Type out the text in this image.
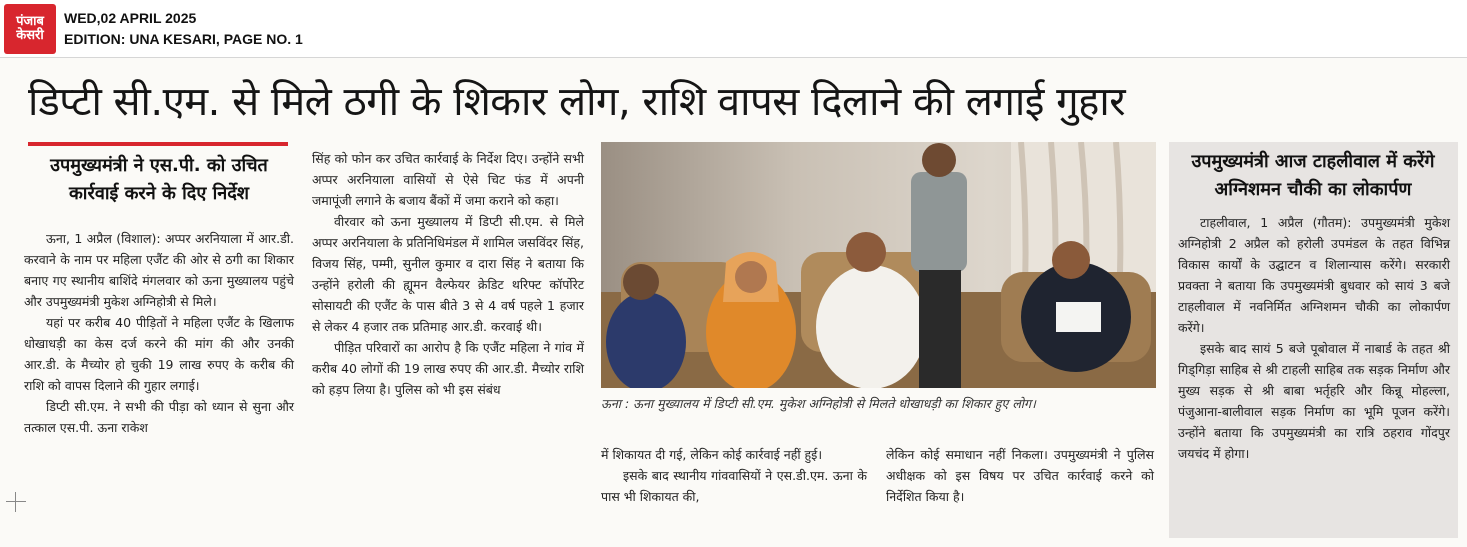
पंजाब
केसरी
WED,02 APRIL 2025
EDITION: UNA KESARI, PAGE NO. 1
डिप्टी सी.एम. से मिले ठगी के शिकार लोग, राशि वापस दिलाने की लगाई गुहार
उपमुख्यमंत्री ने एस.पी. को उचित कार्रवाई करने के दिए निर्देश

ऊना, 1 अप्रैल (विशाल): अप्पर अरनियाला में आर.डी. करवाने के नाम पर महिला एजैंट की ओर से ठगी का शिकार बनाए गए स्थानीय बाशिंदे मंगलवार को ऊना मुख्यालय पहुंचे और उपमुख्यमंत्री मुकेश अग्निहोत्री से मिले।

यहां पर करीब 40 पीड़ितों ने महिला एजैंट के खिलाफ धोखाधड़ी का केस दर्ज करने की मांग की और उनकी आर.डी. के मैच्योर हो चुकी 19 लाख रुपए के करीब की राशि को वापस दिलाने की गुहार लगाई।

डिप्टी सी.एम. ने सभी की पीड़ा को ध्यान से सुना और तत्काल एस.पी. ऊना राकेश

सिंह को फोन कर उचित कार्रवाई के निर्देश दिए। उन्होंने सभी अप्पर अरनियाला वासियों से ऐसे चिट फंड में अपनी जमापूंजी लगाने के बजाय बैंकों में जमा कराने को कहा।

वीरवार को ऊना मुख्यालय में डिप्टी सी.एम. से मिले अप्पर अरनियाला के प्रतिनिधिमंडल में शामिल जसविंदर सिंह, विजय सिंह, पम्मी, सुनील कुमार व दारा सिंह ने बताया कि उन्होंने हरोली की ह्यूमन वैल्फेयर क्रेडिट थरिफ्ट कॉर्पोरेट सोसायटी की एजैंट के पास बीते 3 से 4 वर्ष पहले 1 हजार से लेकर 4 हजार तक प्रतिमाह आर.डी. करवाई थी।

पीड़ित परिवारों का आरोप है कि एजैंट महिला ने गांव में करीब 40 लोगों की 19 लाख रुपए की आर.डी. मैच्योर राशि को हड़प लिया है। पुलिस को भी इस संबंध

ऊना : ऊना मुख्यालय में डिप्टी सी.एम. मुकेश अग्निहोत्री से मिलते धोखाधड़ी का शिकार हुए लोग।

में शिकायत दी गई, लेकिन कोई कार्रवाई नहीं हुई।

इसके बाद स्थानीय गांववासियों ने एस.डी.एम. ऊना के पास भी शिकायत की,

लेकिन कोई समाधान नहीं निकला। उपमुख्यमंत्री ने पुलिस अधीक्षक को इस विषय पर उचित कार्रवाई करने को निर्देशित किया है।

उपमुख्यमंत्री आज टाहलीवाल में करेंगे अग्निशमन चौकी का लोकार्पण

टाहलीवाल, 1 अप्रैल (गौतम): उपमुख्यमंत्री मुकेश अग्निहोत्री 2 अप्रैल को हरोली उपमंडल के तहत विभिन्न विकास कार्यों के उद्घाटन व शिलान्यास करेंगे। सरकारी प्रवक्ता ने बताया कि उपमुख्यमंत्री बुधवार को सायं 3 बजे टाहलीवाल में नवनिर्मित अग्निशमन चौकी का लोकार्पण करेंगे।

इसके बाद सायं 5 बजे पूबोवाल में नाबार्ड के तहत श्री गिड्गिड़ा साहिब से श्री टाहली साहिब तक सड़क निर्माण और मुख्य सड़क से श्री बाबा भर्तृहरि और किन्नू मोहल्ला, पंजुआना-बालीवाल सड़क निर्माण का भूमि पूजन करेंगे। उन्होंने बताया कि उपमुख्यमंत्री का रात्रि ठहराव गोंदपुर जयचंद में होगा।
